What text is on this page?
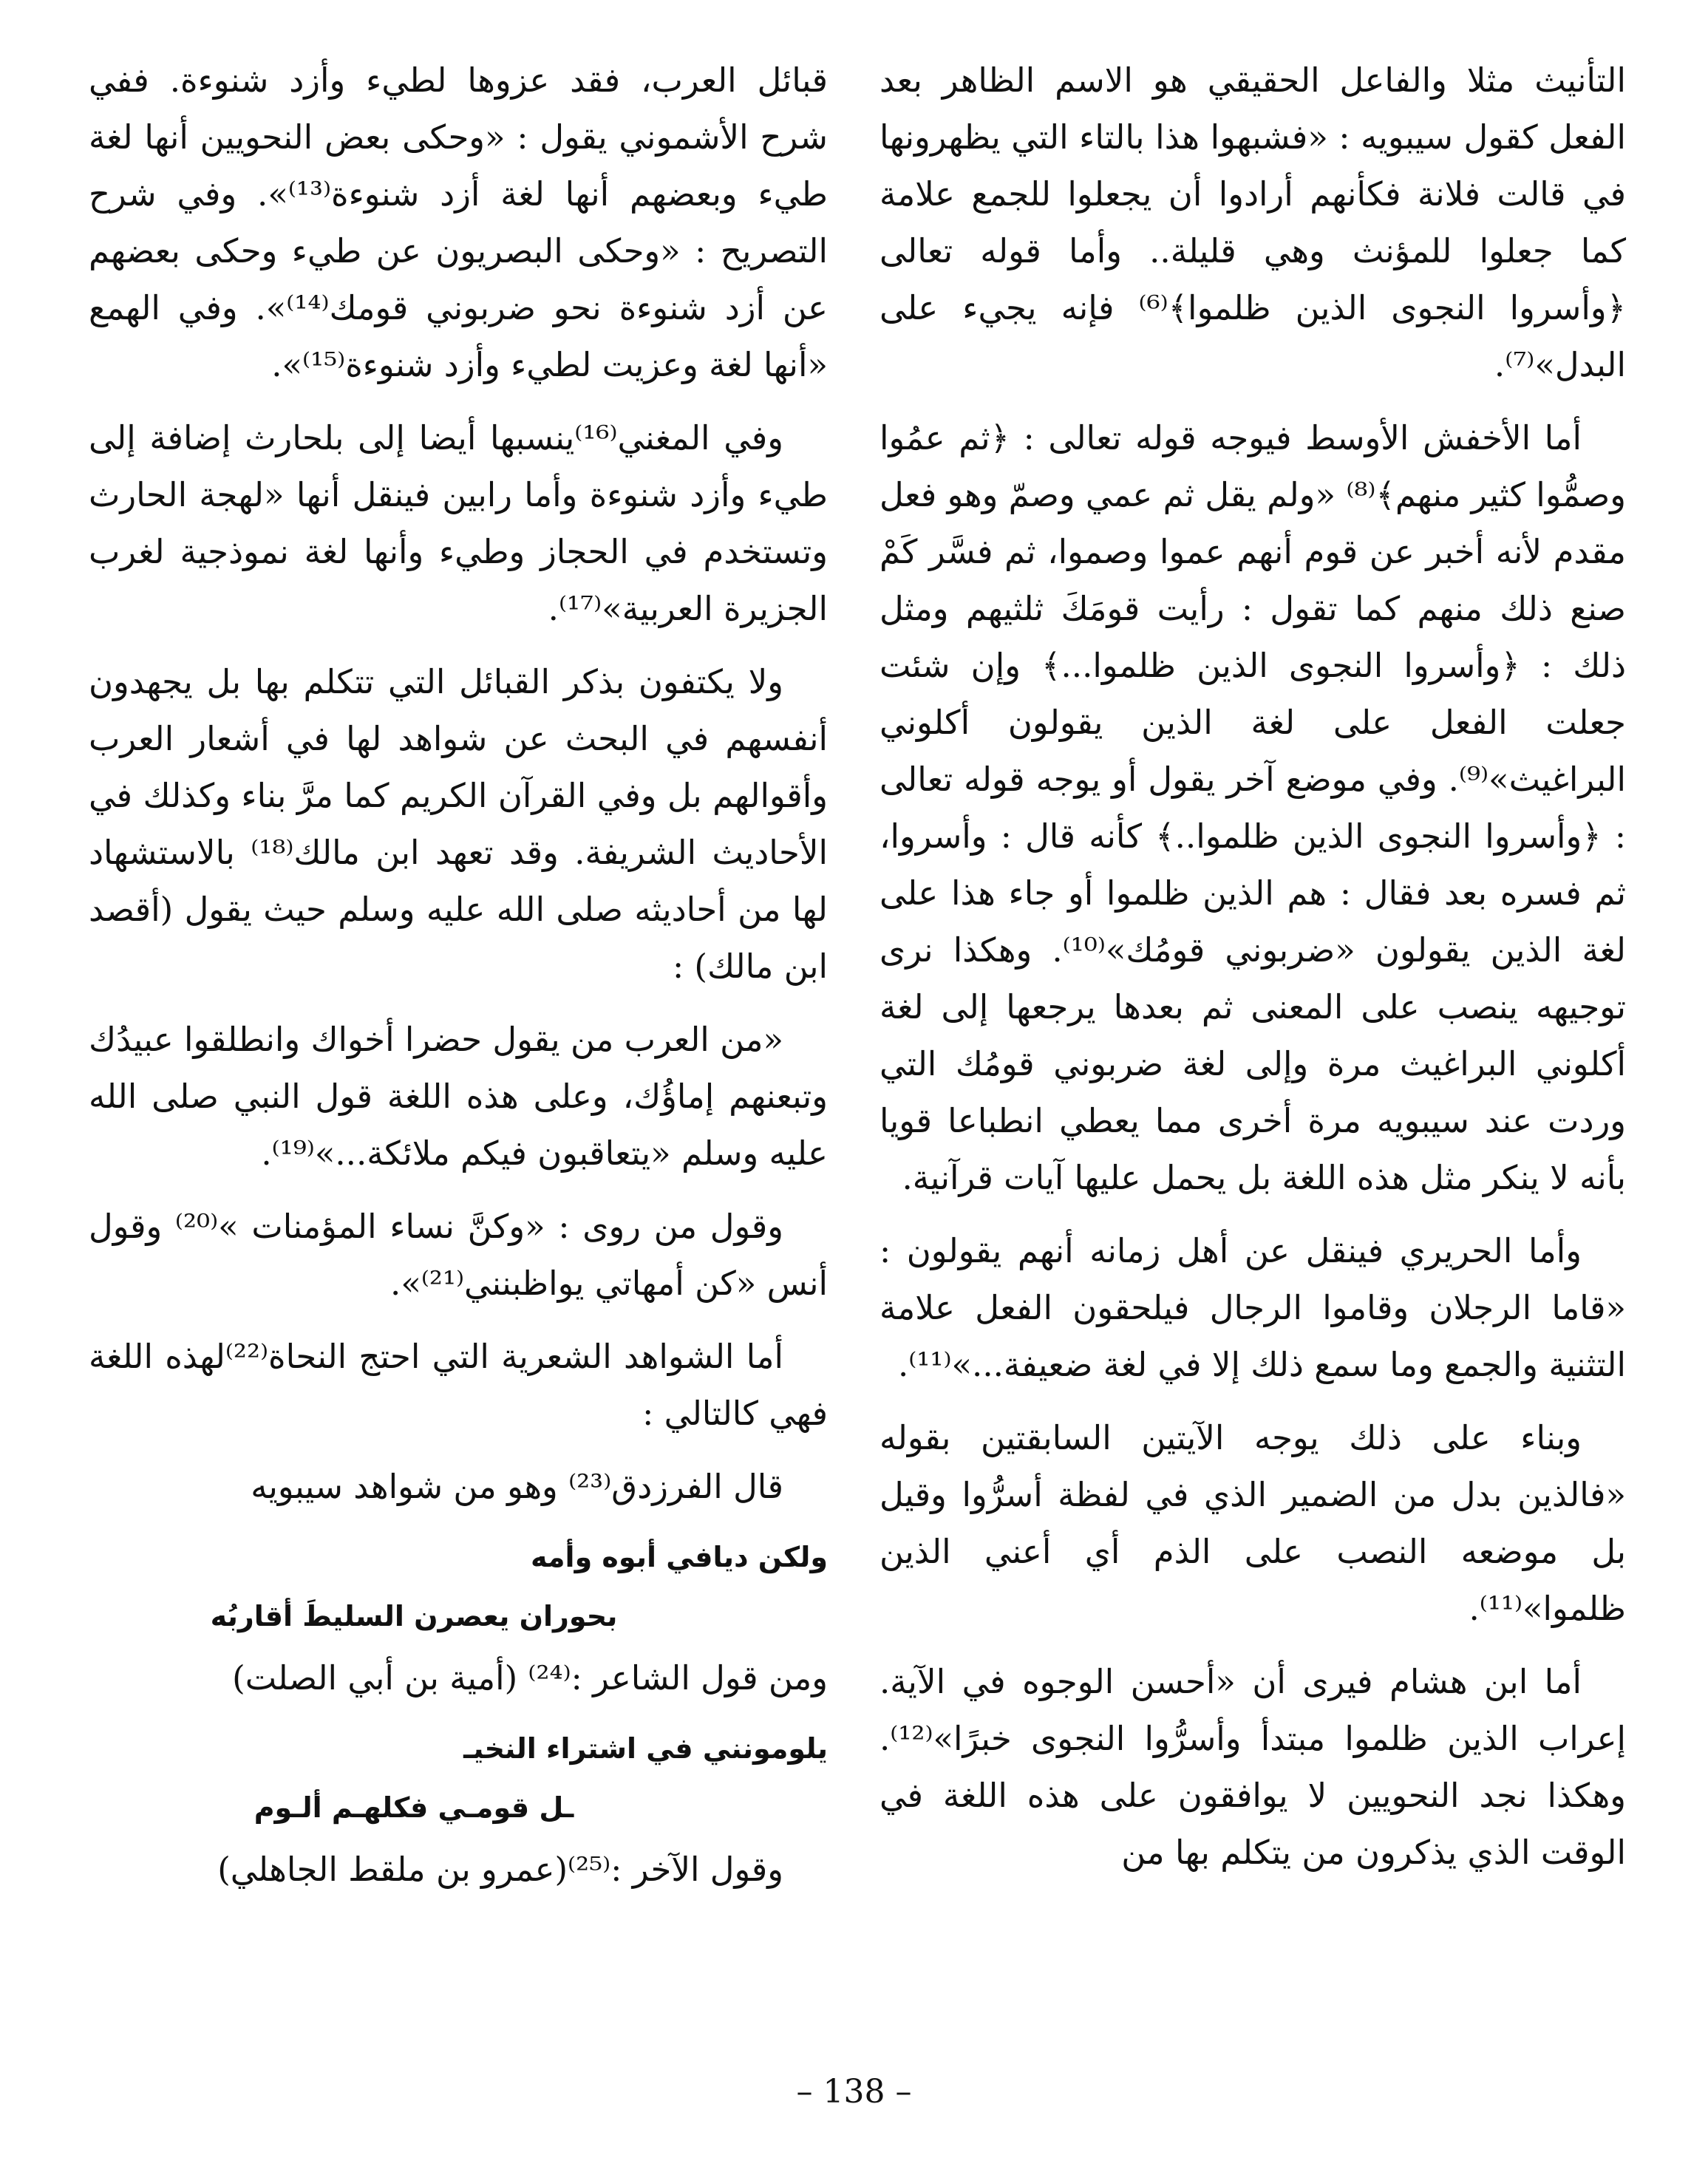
التأنيث مثلا والفاعل الحقيقي هو الاسم الظاهر بعد الفعل كقول سيبويه : «فشبهوا هذا بالتاء التي يظهرونها في قالت فلانة فكأنهم أرادوا أن يجعلوا للجمع علامة كما جعلوا للمؤنث وهي قليلة.. وأما قوله تعالى ﴿وأسروا النجوى الذين ظلموا﴾⁽⁶⁾ فإنه يجيء على البدل»⁽⁷⁾.

أما الأخفش الأوسط فيوجه قوله تعالى : ﴿ثم عمُوا وصمُّوا كثير منهم﴾⁽⁸⁾ «ولم يقل ثم عمي وصمّ وهو فعل مقدم لأنه أخبر عن قوم أنهم عموا وصموا، ثم فسَّر كَمْ صنع ذلك منهم كما تقول : رأيت قومَكَ ثلثيهم ومثل ذلك : ﴿وأسروا النجوى الذين ظلموا...﴾ وإن شئت جعلت الفعل على لغة الذين يقولون أكلوني البراغيث»⁽⁹⁾. وفي موضع آخر يقول أو يوجه قوله تعالى : ﴿وأسروا النجوى الذين ظلموا..﴾ كأنه قال : وأسروا، ثم فسره بعد فقال : هم الذين ظلموا أو جاء هذا على لغة الذين يقولون «ضربوني قومُك»⁽¹⁰⁾. وهكذا نرى توجيهه ينصب على المعنى ثم بعدها يرجعها إلى لغة أكلوني البراغيث مرة وإلى لغة ضربوني قومُك التي وردت عند سيبويه مرة أخرى مما يعطي انطباعا قويا بأنه لا ينكر مثل هذه اللغة بل يحمل عليها آيات قرآنية.

وأما الحريري فينقل عن أهل زمانه أنهم يقولون : «قاما الرجلان وقاموا الرجال فيلحقون الفعل علامة التثنية والجمع وما سمع ذلك إلا في لغة ضعيفة...»⁽¹¹⁾.

وبناء على ذلك يوجه الآيتين السابقتين بقوله «فالذين بدل من الضمير الذي في لفظة أسرُّوا وقيل بل موضعه النصب على الذم أي أعني الذين ظلموا»⁽¹¹⁾.

أما ابن هشام فيرى أن «أحسن الوجوه في الآية. إعراب الذين ظلموا مبتدأ وأسرُّوا النجوى خبرًا»⁽¹²⁾. وهكذا نجد النحويين لا يوافقون على هذه اللغة في الوقت الذي يذكرون من يتكلم بها من

قبائل العرب، فقد عزوها لطيء وأزد شنوءة. ففي شرح الأشموني يقول : «وحكى بعض النحويين أنها لغة طيء وبعضهم أنها لغة أزد شنوءة⁽¹³⁾». وفي شرح التصريح : «وحكى البصريون عن طيء وحكى بعضهم عن أزد شنوءة نحو ضربوني قومك⁽¹⁴⁾». وفي الهمع «أنها لغة وعزيت لطيء وأزد شنوءة⁽¹⁵⁾».

وفي المغني⁽¹⁶⁾ينسبها أيضا إلى بلحارث إضافة إلى طيء وأزد شنوءة وأما رابين فينقل أنها «لهجة الحارث وتستخدم في الحجاز وطيء وأنها لغة نموذجية لغرب الجزيرة العربية»⁽¹⁷⁾.

ولا يكتفون بذكر القبائل التي تتكلم بها بل يجهدون أنفسهم في البحث عن شواهد لها في أشعار العرب وأقوالهم بل وفي القرآن الكريم كما مرَّ بناء وكذلك في الأحاديث الشريفة. وقد تعهد ابن مالك⁽¹⁸⁾ بالاستشهاد لها من أحاديثه صلى الله عليه وسلم حيث يقول (أقصد ابن مالك) :

«من العرب من يقول حضرا أخواك وانطلقوا عبيدُك وتبعنهم إماؤُك، وعلى هذه اللغة قول النبي صلى الله عليه وسلم «يتعاقبون فيكم ملائكة...»⁽¹⁹⁾.

وقول من روى : «وكنَّ نساء المؤمنات »⁽²⁰⁾ وقول أنس «كن أمهاتي يواظبنني⁽²¹⁾».

أما الشواهد الشعرية التي احتج النحاة⁽²²⁾لهذه اللغة فهي كالتالي :

قال الفرزدق⁽²³⁾ وهو من شواهد سيبويه

ولكن ديافي أبوه وأمه
بحوران يعصرن السليطَ أقاربُه

ومن قول الشاعر :⁽²⁴⁾ (أمية بن أبي الصلت)

يلومونني في اشتراء النخيـ
ـل قومـي فكلهـم ألـوم

وقول الآخر :⁽²⁵⁾(عمرو بن ملقط الجاهلي)

– 138 –
